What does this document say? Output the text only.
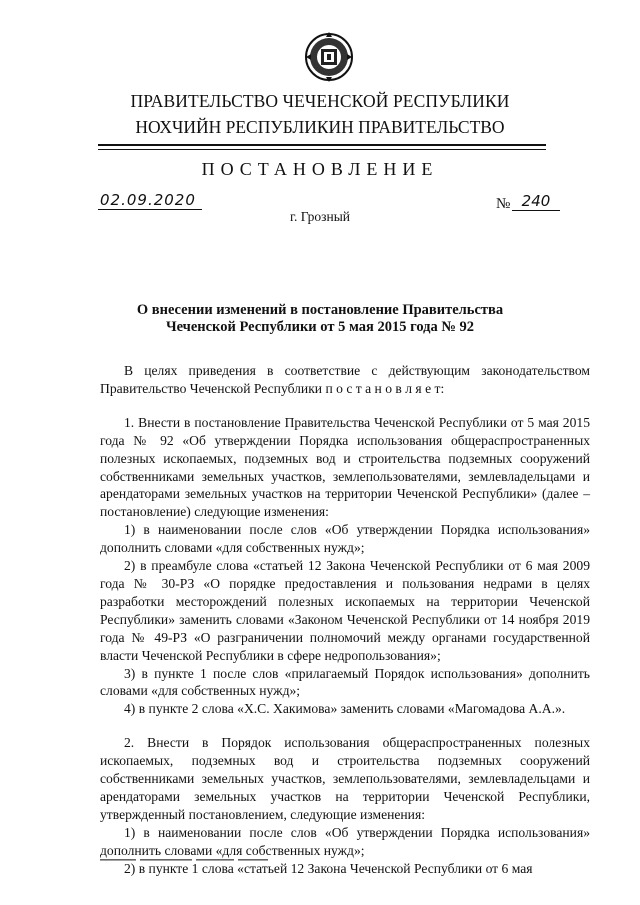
ПРАВИТЕЛЬСТВО ЧЕЧЕНСКОЙ РЕСПУБЛИКИ
НОХЧИЙН РЕСПУБЛИКИН ПРАВИТЕЛЬСТВО
ПОСТАНОВЛЕНИЕ
02.09.2020	№ 240
г. Грозный
О внесении изменений в постановление Правительства
Чеченской Республики от 5 мая 2015 года № 92

В целях приведения в соответствие с действующим законодательством Правительство Чеченской Республики п о с т а н о в л я е т:

1. Внести в постановление Правительства Чеченской Республики от 5 мая 2015 года № 92 «Об утверждении Порядка использования общераспространенных полезных ископаемых, подземных вод и строительства подземных сооружений собственниками земельных участков, землепользователями, землевладельцами и арендаторами земельных участков на территории Чеченской Республики» (далее – постановление) следующие изменения:

1) в наименовании после слов «Об утверждении Порядка использования» дополнить словами «для собственных нужд»;

2) в преамбуле слова «статьей 12 Закона Чеченской Республики от 6 мая 2009 года № 30-РЗ «О порядке предоставления и пользования недрами в целях разработки месторождений полезных ископаемых на территории Чеченской Республики» заменить словами «Законом Чеченской Республики от 14 ноября 2019 года № 49-РЗ «О разграничении полномочий между органами государственной власти Чеченской Республики в сфере недропользования»;

3) в пункте 1 после слов «прилагаемый Порядок использования» дополнить словами «для собственных нужд»;

4) в пункте 2 слова «Х.С. Хакимова» заменить словами «Магомадова А.А.».

2. Внести в Порядок использования общераспространенных полезных ископаемых, подземных вод и строительства подземных сооружений собственниками земельных участков, землепользователями, землевладельцами и арендаторами земельных участков на территории Чеченской Республики, утвержденный постановлением, следующие изменения:

1) в наименовании после слов «Об утверждении Порядка использования» дополнить словами «для собственных нужд»;

2) в пункте 1 слова «статьей 12 Закона Чеченской Республики от 6 мая
